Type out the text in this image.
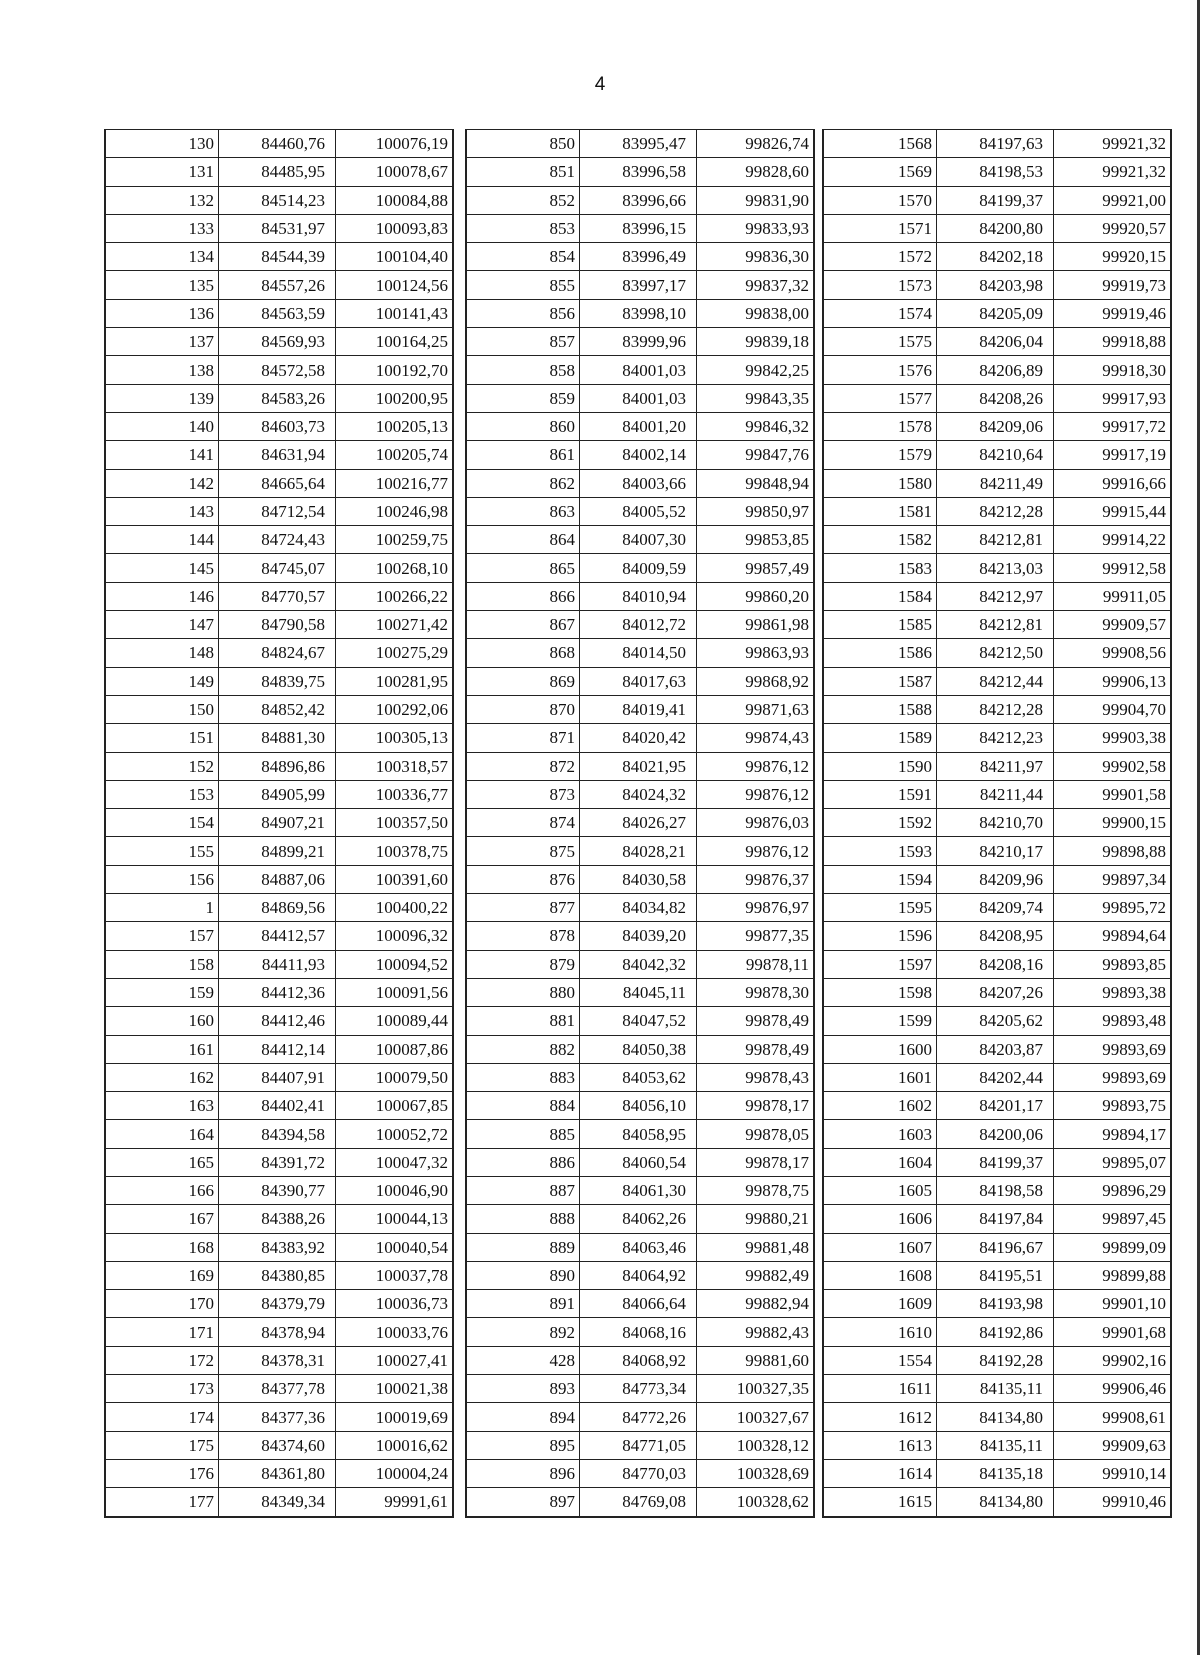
4
130	84460,76	100076,19
131	84485,95	100078,67
132	84514,23	100084,88
133	84531,97	100093,83
134	84544,39	100104,40
135	84557,26	100124,56
136	84563,59	100141,43
137	84569,93	100164,25
138	84572,58	100192,70
139	84583,26	100200,95
140	84603,73	100205,13
141	84631,94	100205,74
142	84665,64	100216,77
143	84712,54	100246,98
144	84724,43	100259,75
145	84745,07	100268,10
146	84770,57	100266,22
147	84790,58	100271,42
148	84824,67	100275,29
149	84839,75	100281,95
150	84852,42	100292,06
151	84881,30	100305,13
152	84896,86	100318,57
153	84905,99	100336,77
154	84907,21	100357,50
155	84899,21	100378,75
156	84887,06	100391,60
1	84869,56	100400,22
157	84412,57	100096,32
158	84411,93	100094,52
159	84412,36	100091,56
160	84412,46	100089,44
161	84412,14	100087,86
162	84407,91	100079,50
163	84402,41	100067,85
164	84394,58	100052,72
165	84391,72	100047,32
166	84390,77	100046,90
167	84388,26	100044,13
168	84383,92	100040,54
169	84380,85	100037,78
170	84379,79	100036,73
171	84378,94	100033,76
172	84378,31	100027,41
173	84377,78	100021,38
174	84377,36	100019,69
175	84374,60	100016,62
176	84361,80	100004,24
177	84349,34	99991,61
850	83995,47	99826,74
851	83996,58	99828,60
852	83996,66	99831,90
853	83996,15	99833,93
854	83996,49	99836,30
855	83997,17	99837,32
856	83998,10	99838,00
857	83999,96	99839,18
858	84001,03	99842,25
859	84001,03	99843,35
860	84001,20	99846,32
861	84002,14	99847,76
862	84003,66	99848,94
863	84005,52	99850,97
864	84007,30	99853,85
865	84009,59	99857,49
866	84010,94	99860,20
867	84012,72	99861,98
868	84014,50	99863,93
869	84017,63	99868,92
870	84019,41	99871,63
871	84020,42	99874,43
872	84021,95	99876,12
873	84024,32	99876,12
874	84026,27	99876,03
875	84028,21	99876,12
876	84030,58	99876,37
877	84034,82	99876,97
878	84039,20	99877,35
879	84042,32	99878,11
880	84045,11	99878,30
881	84047,52	99878,49
882	84050,38	99878,49
883	84053,62	99878,43
884	84056,10	99878,17
885	84058,95	99878,05
886	84060,54	99878,17
887	84061,30	99878,75
888	84062,26	99880,21
889	84063,46	99881,48
890	84064,92	99882,49
891	84066,64	99882,94
892	84068,16	99882,43
428	84068,92	99881,60
893	84773,34	100327,35
894	84772,26	100327,67
895	84771,05	100328,12
896	84770,03	100328,69
897	84769,08	100328,62
1568	84197,63	99921,32
1569	84198,53	99921,32
1570	84199,37	99921,00
1571	84200,80	99920,57
1572	84202,18	99920,15
1573	84203,98	99919,73
1574	84205,09	99919,46
1575	84206,04	99918,88
1576	84206,89	99918,30
1577	84208,26	99917,93
1578	84209,06	99917,72
1579	84210,64	99917,19
1580	84211,49	99916,66
1581	84212,28	99915,44
1582	84212,81	99914,22
1583	84213,03	99912,58
1584	84212,97	99911,05
1585	84212,81	99909,57
1586	84212,50	99908,56
1587	84212,44	99906,13
1588	84212,28	99904,70
1589	84212,23	99903,38
1590	84211,97	99902,58
1591	84211,44	99901,58
1592	84210,70	99900,15
1593	84210,17	99898,88
1594	84209,96	99897,34
1595	84209,74	99895,72
1596	84208,95	99894,64
1597	84208,16	99893,85
1598	84207,26	99893,38
1599	84205,62	99893,48
1600	84203,87	99893,69
1601	84202,44	99893,69
1602	84201,17	99893,75
1603	84200,06	99894,17
1604	84199,37	99895,07
1605	84198,58	99896,29
1606	84197,84	99897,45
1607	84196,67	99899,09
1608	84195,51	99899,88
1609	84193,98	99901,10
1610	84192,86	99901,68
1554	84192,28	99902,16
1611	84135,11	99906,46
1612	84134,80	99908,61
1613	84135,11	99909,63
1614	84135,18	99910,14
1615	84134,80	99910,46
